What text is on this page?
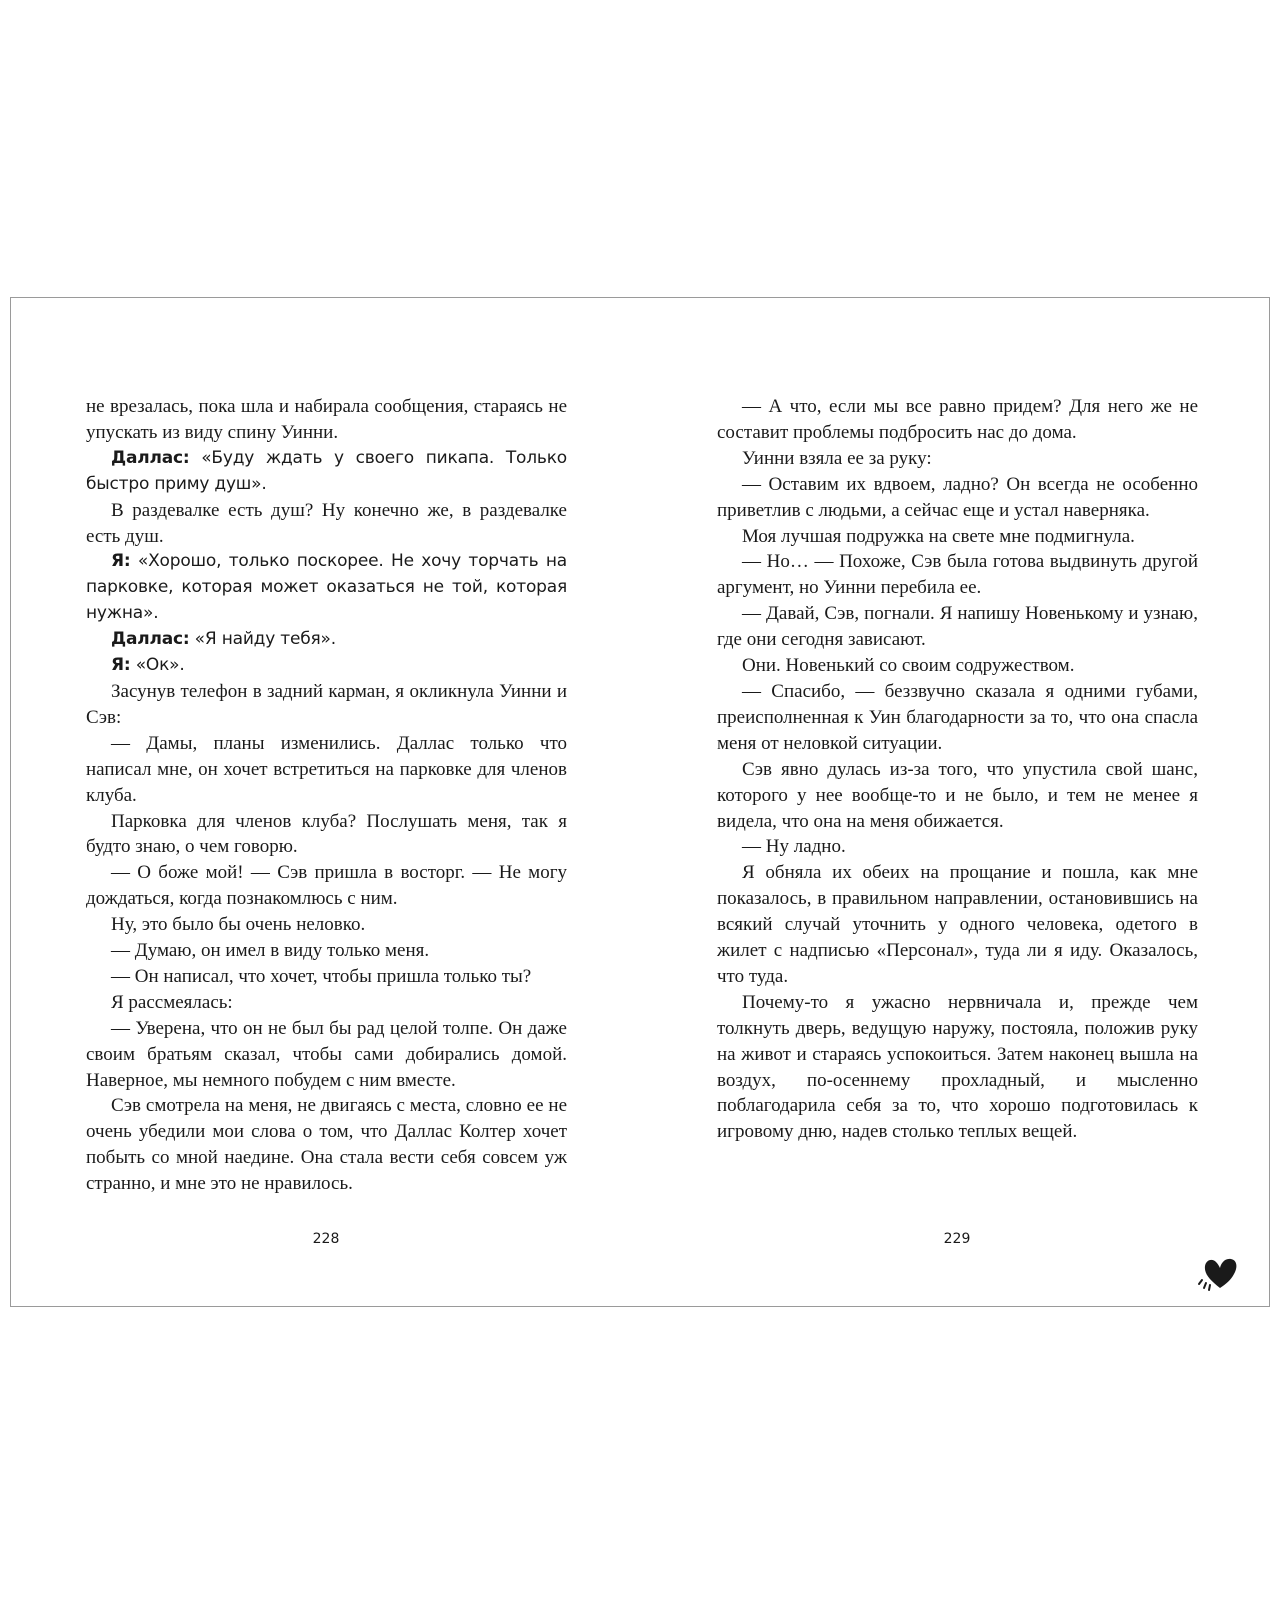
не врезалась, пока шла и набирала сообщения, стараясь не упускать из виду спину Уинни.

Даллас: «Буду ждать у своего пикапа. Только быстро приму душ».

В раздевалке есть душ? Ну конечно же, в раздевалке есть душ.

Я: «Хорошо, только поскорее. Не хочу торчать на парковке, которая может оказаться не той, которая нужна».

Даллас: «Я найду тебя».

Я: «Ок».

Засунув телефон в задний карман, я окликнула Уинни и Сэв:

— Дамы, планы изменились. Даллас только что написал мне, он хочет встретиться на парковке для членов клуба.

Парковка для членов клуба? Послушать меня, так я будто знаю, о чем говорю.

— О боже мой! — Сэв пришла в восторг. — Не могу дождаться, когда познакомлюсь с ним.

Ну, это было бы очень неловко.

— Думаю, он имел в виду только меня.

— Он написал, что хочет, чтобы пришла только ты?

Я рассмеялась:

— Уверена, что он не был бы рад целой толпе. Он даже своим братьям сказал, чтобы сами добирались домой. Наверное, мы немного побудем с ним вместе.

Сэв смотрела на меня, не двигаясь с места, словно ее не очень убедили мои слова о том, что Даллас Колтер хочет побыть со мной наедине. Она стала вести себя совсем уж странно, и мне это не нравилось.

— А что, если мы все равно придем? Для него же не составит проблемы подбросить нас до дома.

Уинни взяла ее за руку:

— Оставим их вдвоем, ладно? Он всегда не особенно приветлив с людьми, а сейчас еще и устал наверняка.

Моя лучшая подружка на свете мне подмигнула.

— Но… — Похоже, Сэв была готова выдвинуть другой аргумент, но Уинни перебила ее.

— Давай, Сэв, погнали. Я напишу Новенькому и узнаю, где они сегодня зависают.

Они. Новенький со своим содружеством.

— Спасибо, — беззвучно сказала я одними губами, преисполненная к Уин благодарности за то, что она спасла меня от неловкой ситуации.

Сэв явно дулась из-за того, что упустила свой шанс, которого у нее вообще-то и не было, и тем не менее я видела, что она на меня обижается.

— Ну ладно.

Я обняла их обеих на прощание и пошла, как мне показалось, в правильном направлении, остановившись на всякий случай уточнить у одного человека, одетого в жилет с надписью «Персонал», туда ли я иду. Оказалось, что туда.

Почему-то я ужасно нервничала и, прежде чем толкнуть дверь, ведущую наружу, постояла, положив руку на живот и стараясь успокоиться. Затем наконец вышла на воздух, по-осеннему прохладный, и мысленно поблагодарила себя за то, что хорошо подготовилась к игровому дню, надев столько теплых вещей.

228	229
